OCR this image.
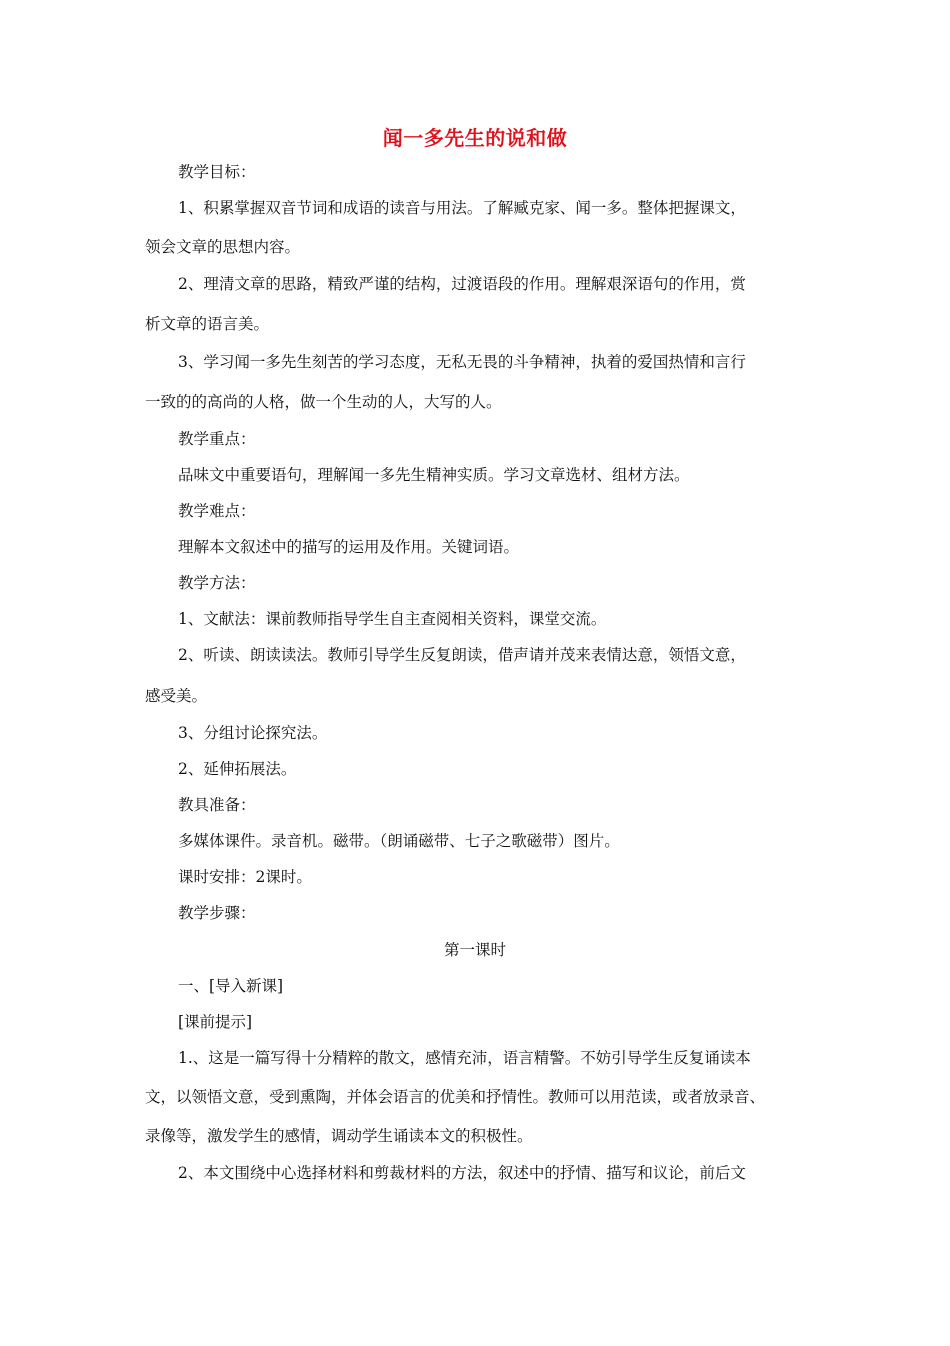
闻一多先生的说和做
教学目标：
1、积累掌握双音节词和成语的读音与用法。了解臧克家、闻一多。整体把握课文，
领会文章的思想内容。
2、理清文章的思路，精致严谨的结构，过渡语段的作用。理解艰深语句的作用，赏
析文章的语言美。
3、学习闻一多先生刻苦的学习态度，无私无畏的斗争精神，执着的爱国热情和言行
一致的的高尚的人格，做一个生动的人，大写的人。
教学重点：
品味文中重要语句，理解闻一多先生精神实质。学习文章选材、组材方法。
教学难点：
理解本文叙述中的描写的运用及作用。关键词语。
教学方法：
1、文献法：课前教师指导学生自主查阅相关资料，课堂交流。
2、听读、朗读读法。教师引导学生反复朗读，借声请并茂来表情达意，领悟文意，
感受美。
3、分组讨论探究法。
2、延伸拓展法。
教具准备：
多媒体课件。录音机。磁带。（朗诵磁带、七子之歌磁带）图片。
课时安排：2课时。
教学步骤：
第一课时
一、[导入新课]
[课前提示]
1.、这是一篇写得十分精粹的散文，感情充沛，语言精警。不妨引导学生反复诵读本
文，以领悟文意，受到熏陶，并体会语言的优美和抒情性。教师可以用范读，或者放录音、
录像等，激发学生的感情，调动学生诵读本文的积极性。
2、本文围绕中心选择材料和剪裁材料的方法，叙述中的抒情、描写和议论，前后文
